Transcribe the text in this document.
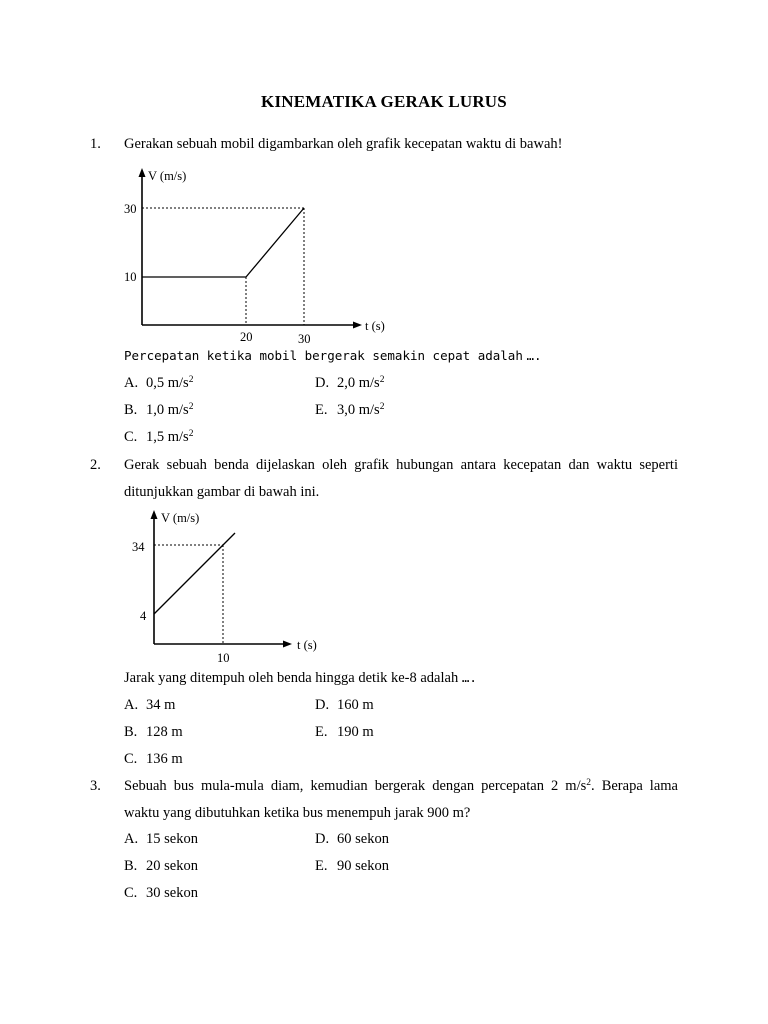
KINEMATIKA GERAK LURUS
1. Gerakan sebuah mobil digambarkan oleh grafik kecepatan waktu di bawah!
V (m/s)
t (s)
30
10
20	30
Percepatan ketika mobil bergerak semakin cepat adalah ….
A. 0,5 $m/s^2$
B. 1,0 $m/s^2$
C. 1,5 $m/s^2$
D. 2,0 $m/s^2$
E. 3,0 $m/s^2$
2. Gerak sebuah benda dijelaskan oleh grafik hubungan antara kecepatan dan waktu seperti
ditunjukkan gambar di bawah ini.
V (m/s)
t (s)
34
4
10
Jarak yang ditempuh oleh benda hingga detik ke-8 adalah ….
A. 34 m
B. 128 m
C. 136 m
D. 160 m
E. 190 m
3. Sebuah bus mula-mula diam, kemudian bergerak dengan percepatan 2 $m/s^2$. Berapa lama
waktu yang dibutuhkan ketika bus menempuh jarak 900 m?
A. 15 sekon
B. 20 sekon
C. 30 sekon
D. 60 sekon
E. 90 sekon
